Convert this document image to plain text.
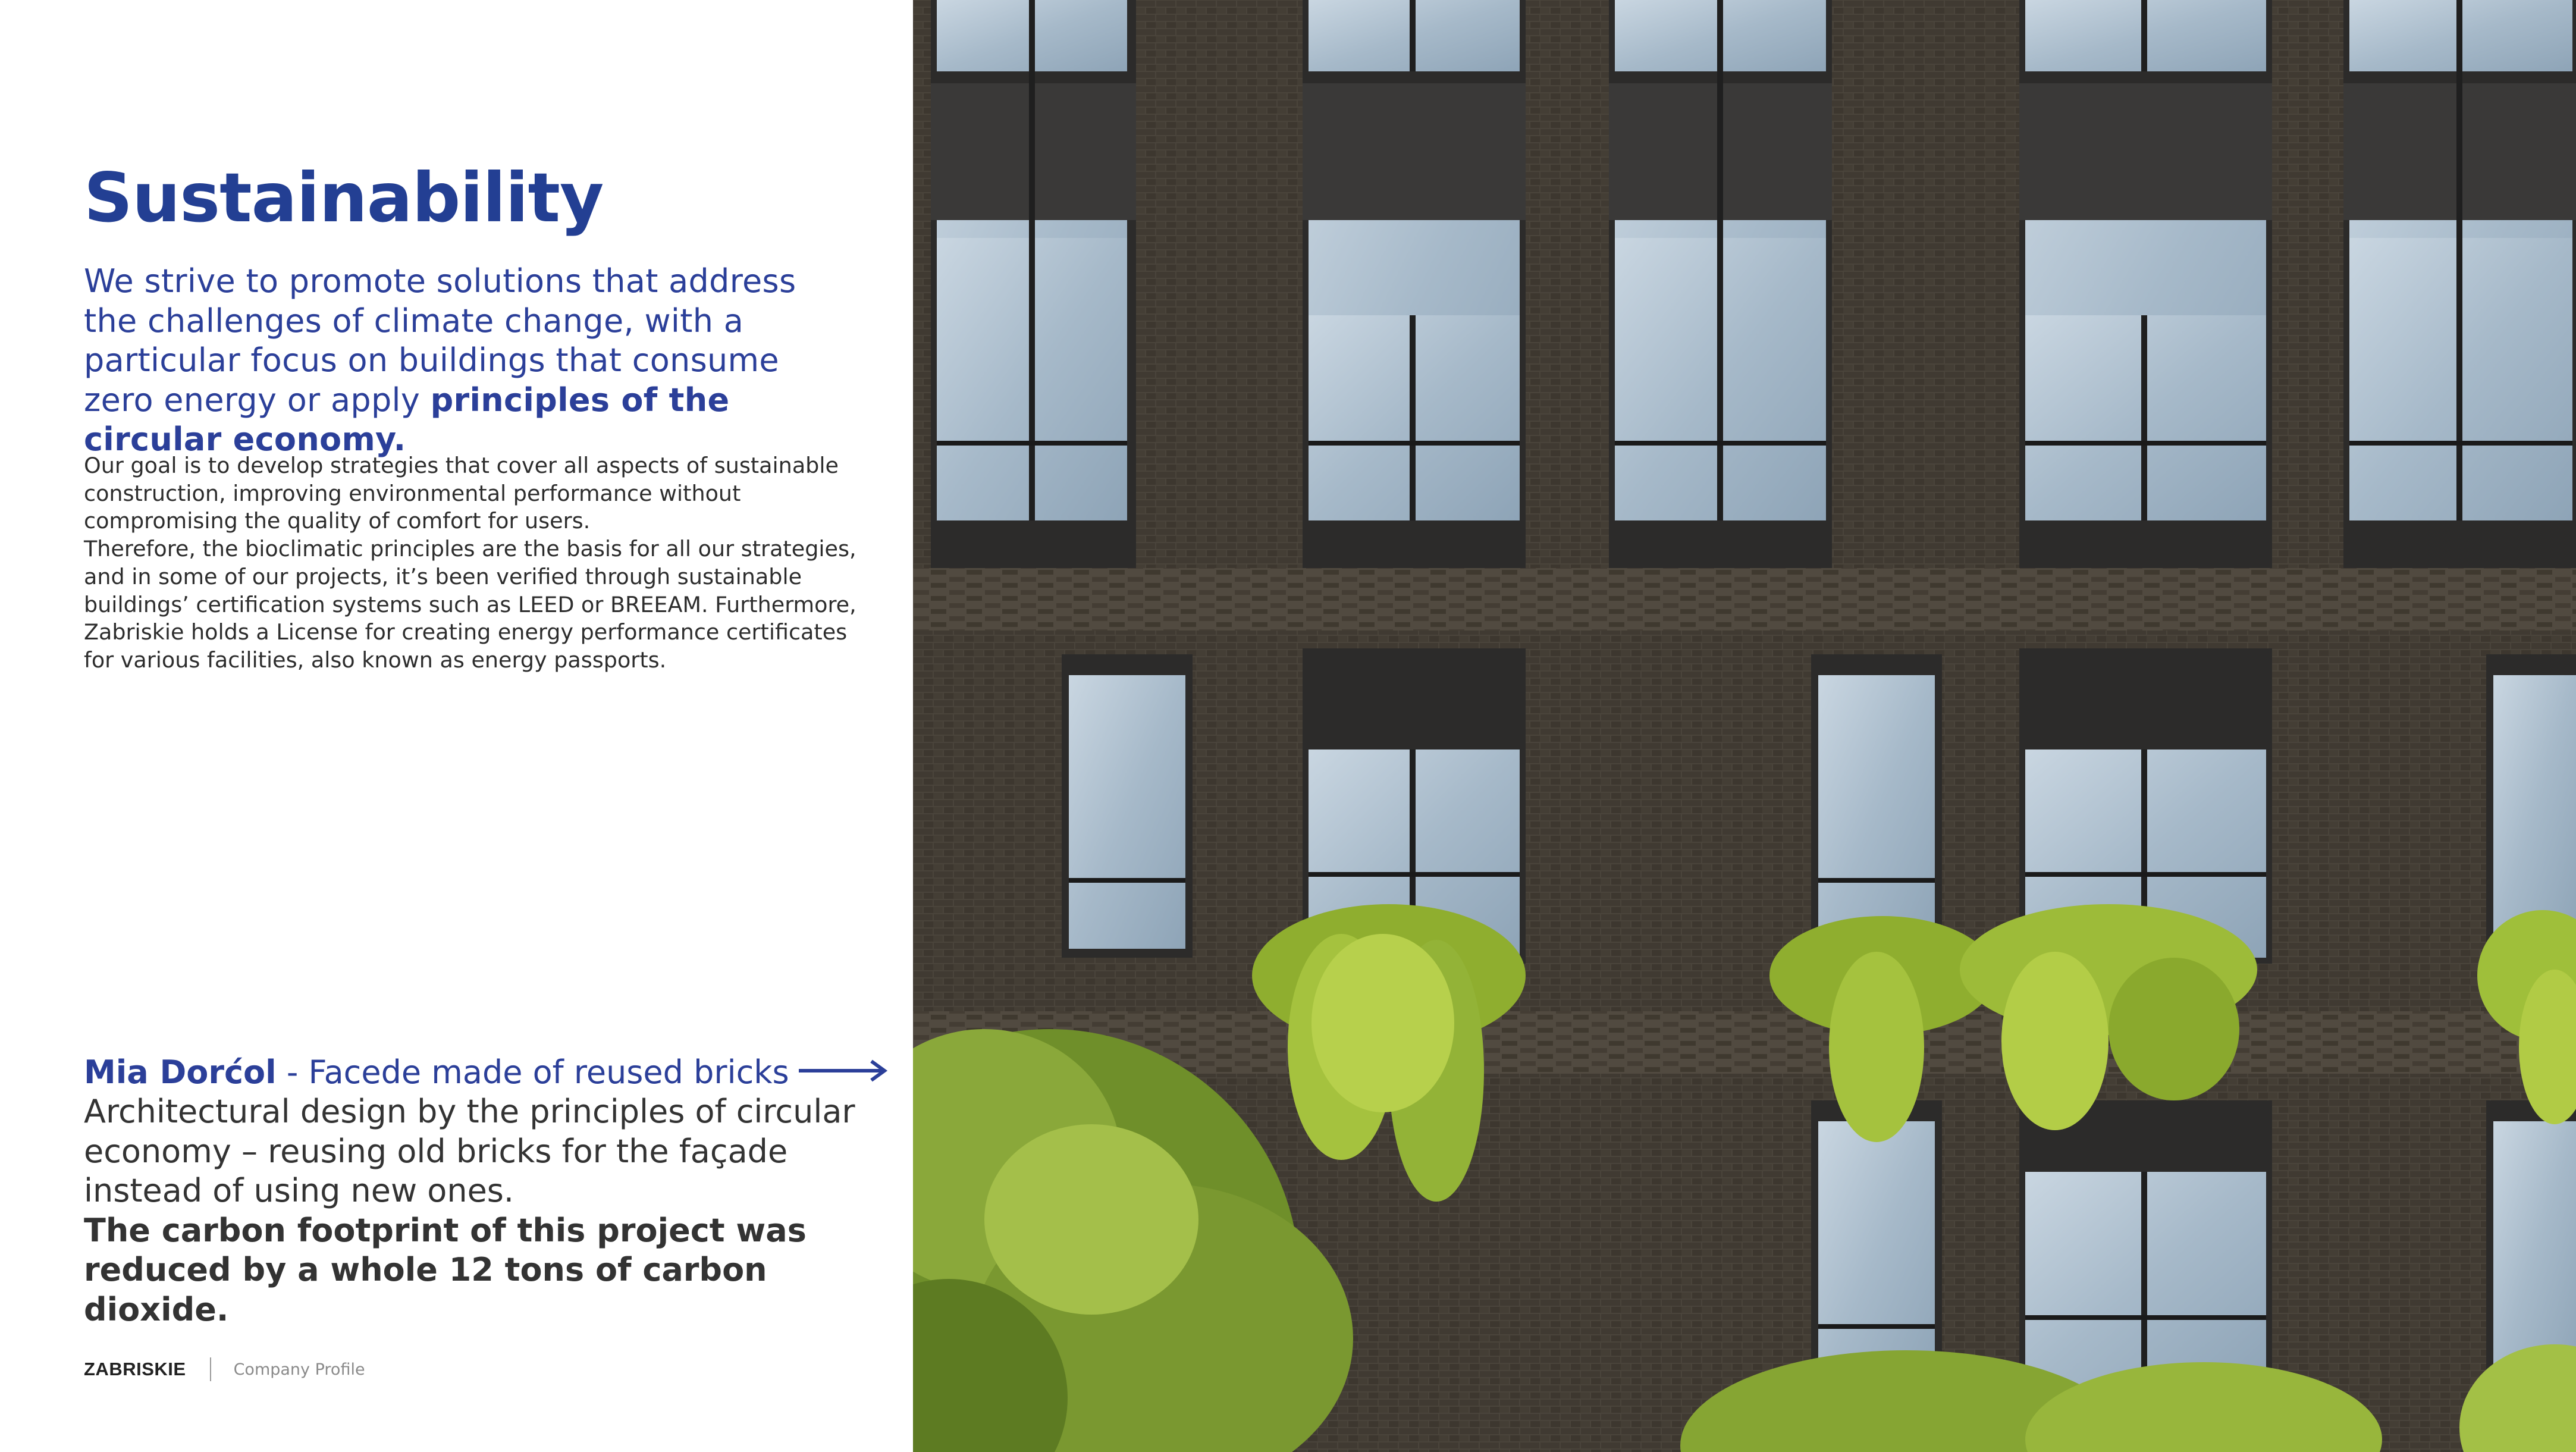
Sustainability

We strive to promote solutions that address the challenges of climate change, with a particular focus on buildings that consume zero energy or apply principles of the circular economy.

Our goal is to develop strategies that cover all aspects of sustainable construction, improving environmental performance without compromising the quality of comfort for users.

Therefore, the bioclimatic principles are the basis for all our strategies, and in some of our projects, it’s been verified through sustainable buildings’ certification systems such as LEED or BREEAM. Furthermore, Zabriskie holds a License for creating energy performance certificates for various facilities, also known as energy passports.

Mia Dorćol - Facede made of reused bricks

Architectural design by the principles of circular economy – reusing old bricks for the façade instead of using new ones.
The carbon footprint of this project was reduced by a whole 12 tons of carbon dioxide.

ZABRISKIE	Company Profile
